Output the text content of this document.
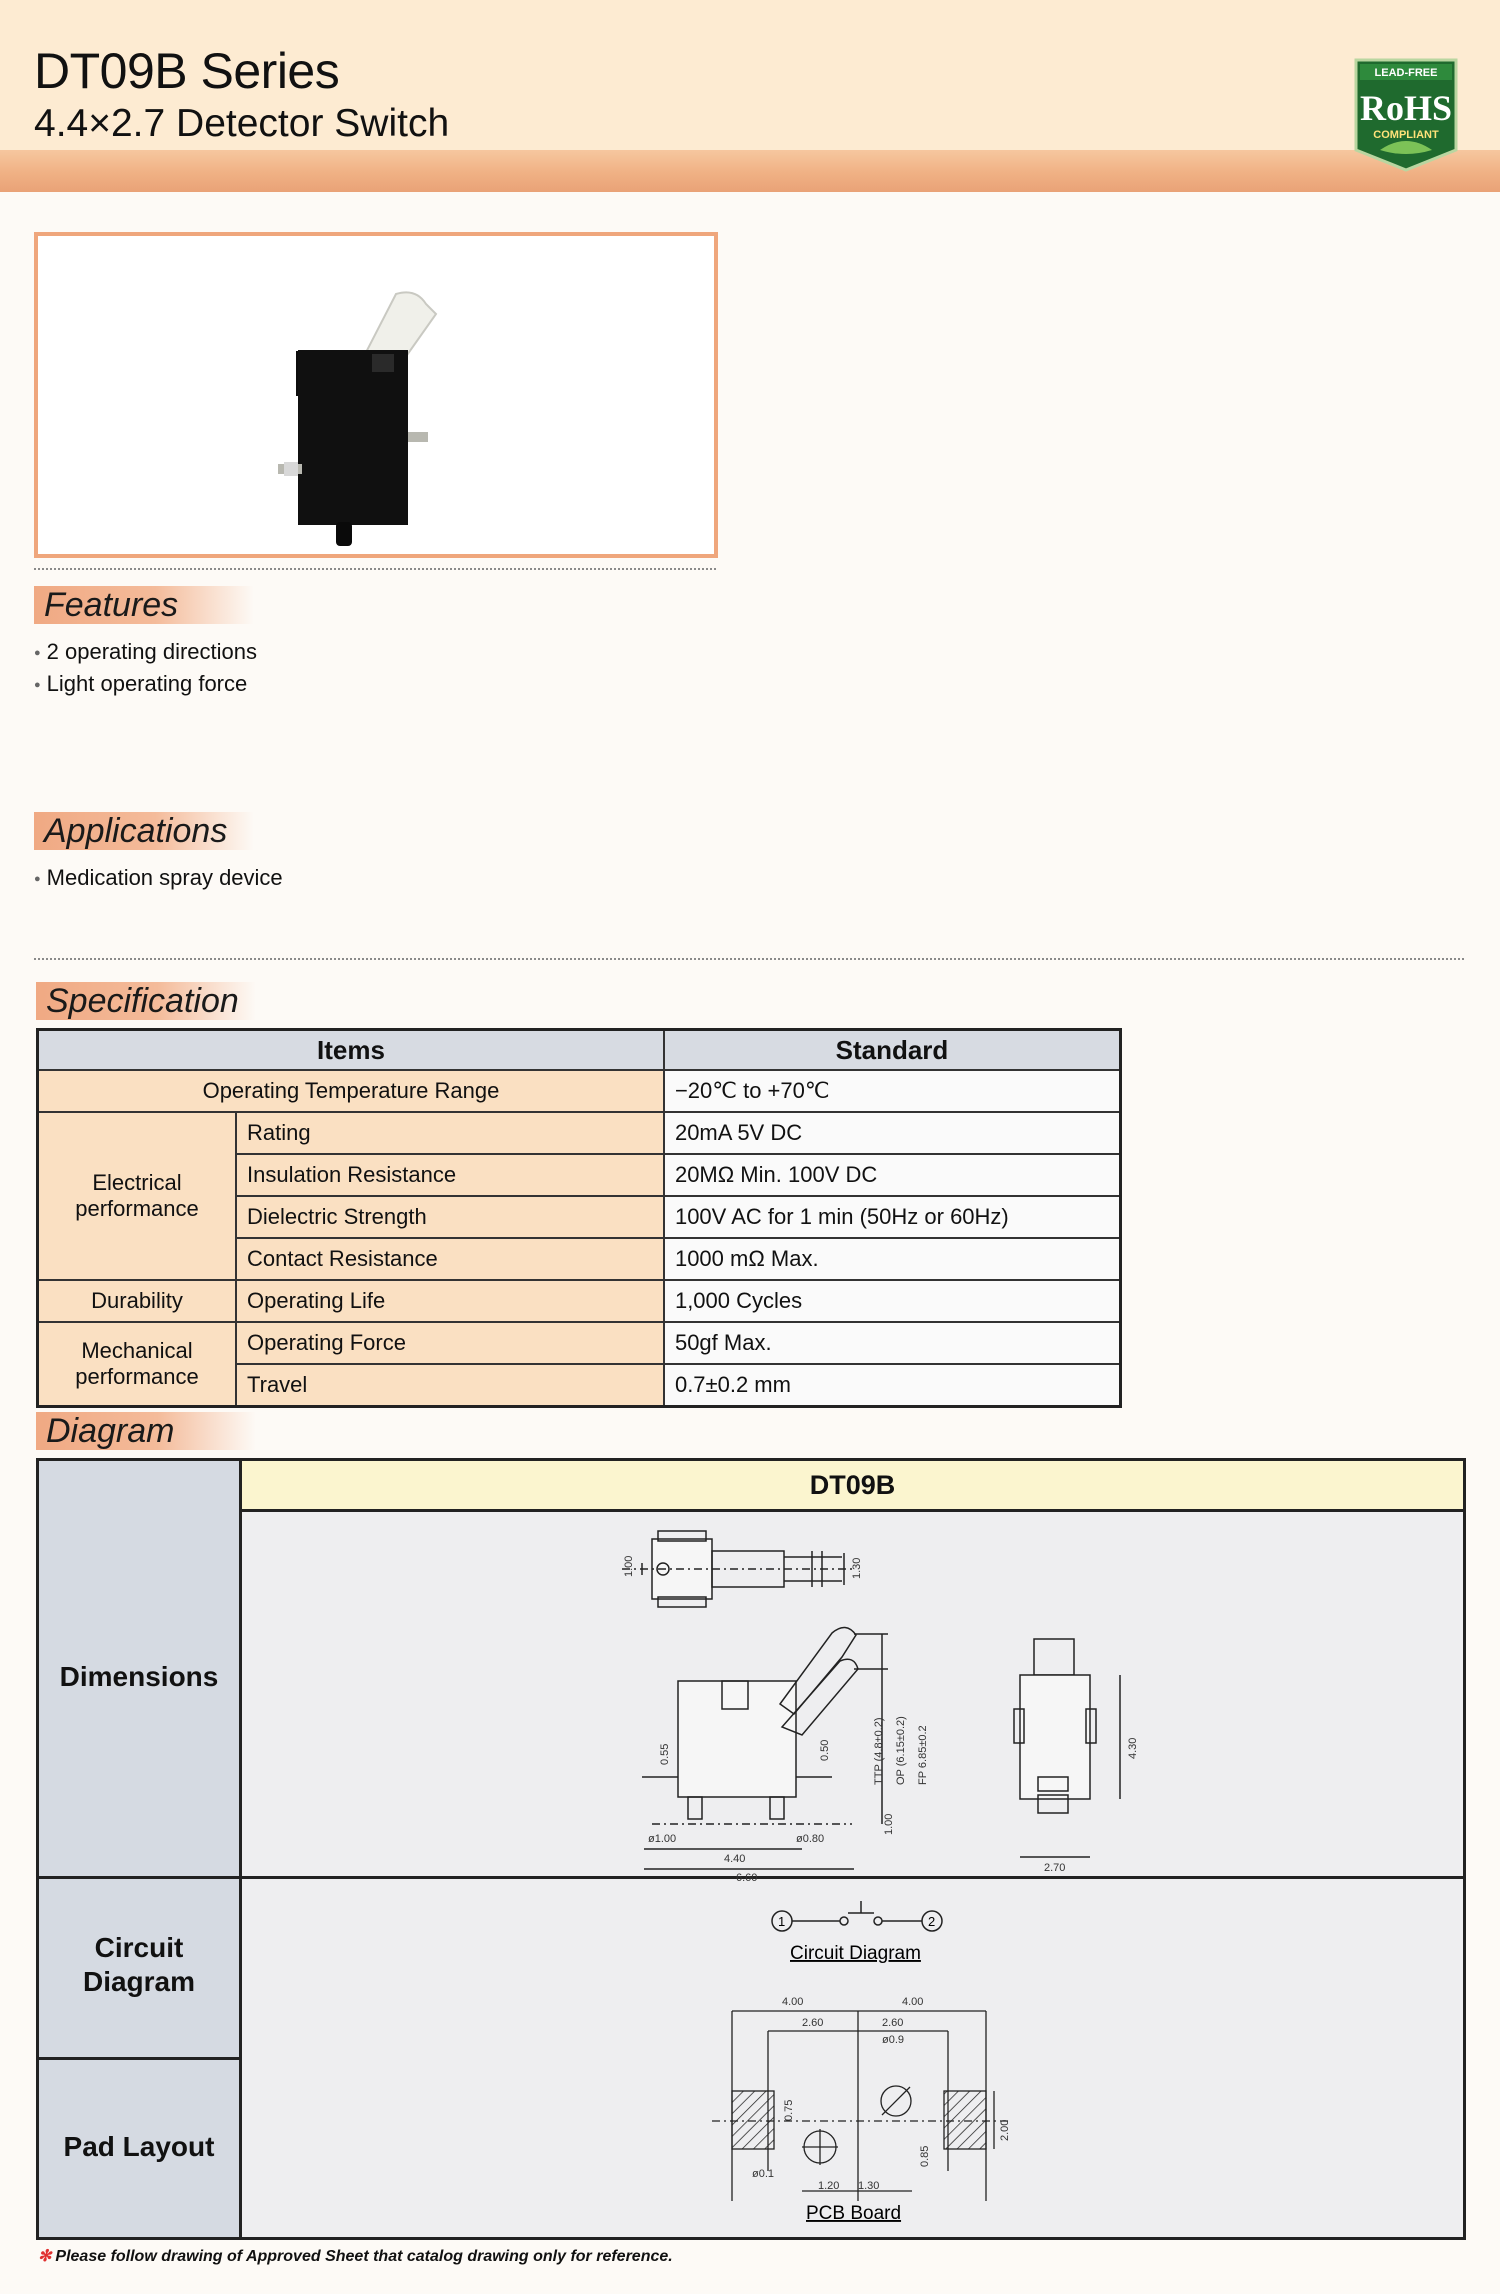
DT09B Series
4.4×2.7 Detector Switch
LEAD-FREE
RoHS
COMPLIANT
Features
● 2 operating directions
● Light operating force
Applications
● Medication spray device
Specification
Items		Standard
Operating Temperature Range		−20℃ to +70℃
Electrical performance	Rating	20mA 5V DC
	Insulation Resistance	20MΩ Min. 100V DC
	Dielectric Strength	100V AC for 1 min (50Hz or 60Hz)
	Contact Resistance	1000 mΩ Max.
Durability	Operating Life	1,000 Cycles
Mechanical performance	Operating Force	50gf Max.
	Travel	0.7±0.2 mm
Diagram
DT09B
Dimensions
Circuit Diagram
Pad Layout
1.00	1.30
0.55	0.50	TTP (4.8±0.2) OP (6.15±0.2) FP 6.85±0.2
1.00
ø1.00	ø0.80
4.40
6.60
4.30
2.70
1	2
Circuit Diagram
4.00	4.00
2.60	2.60
ø0.9
0.75
0.85
2.00
ø0.1
1.20 1.30
PCB Board
✻ Please follow drawing of Approved Sheet that catalog drawing only for reference.
